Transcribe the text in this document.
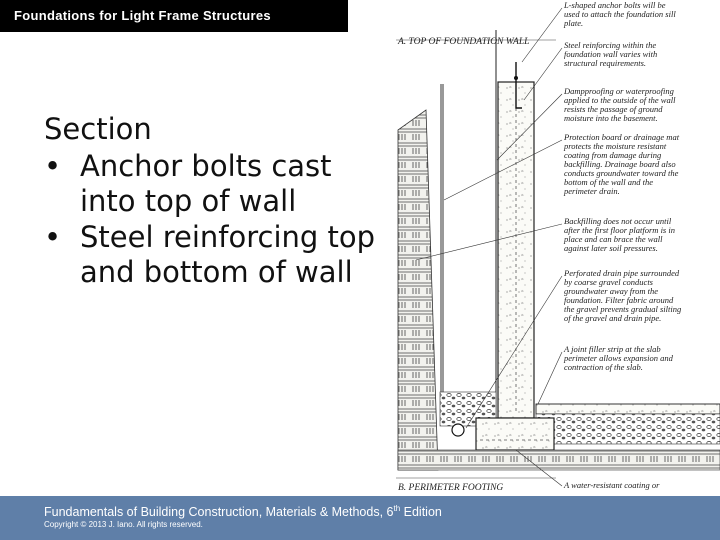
Foundations for Light Frame Structures
Section
• Anchor bolts cast into top of wall
• Steel reinforcing top and bottom of wall
A. TOP OF FOUNDATION WALL
B. PERIMETER FOOTING
L-shaped anchor bolts will be used to attach the foundation sill plate.
Steel reinforcing within the foundation wall varies with structural requirements.
Dampproofing or waterproofing applied to the outside of the wall resists the passage of ground moisture into the basement.
Protection board or drainage mat protects the moisture resistant coating from damage during backfilling. Drainage board also conducts groundwater toward the bottom of the wall and the perimeter drain.
Backfilling does not occur until after the first floor platform is in place and can brace the wall against later soil pressures.
Perforated drain pipe surrounded by coarse gravel conducts groundwater away from the foundation. Filter fabric around the gravel prevents gradual silting of the gravel and drain pipe.
A joint filler strip at the slab perimeter allows expansion and contraction of the slab.
A water-resistant coating or
Fundamentals of Building Construction, Materials & Methods, 6th Edition
Copyright © 2013 J. Iano. All rights reserved.
